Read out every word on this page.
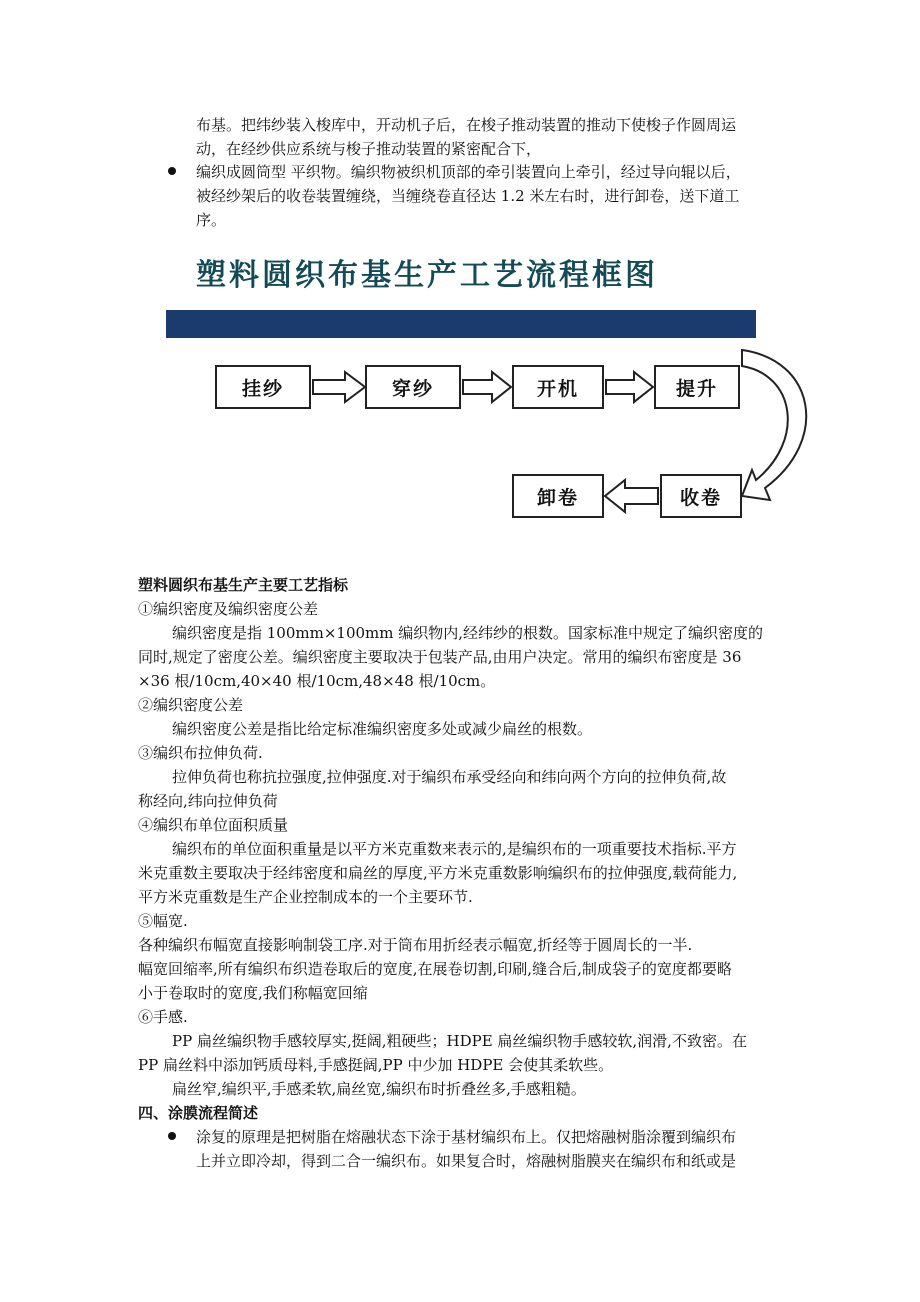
布基。把纬纱装入梭库中，开动机子后，在梭子推动装置的推动下使梭子作圆周运
动，在经纱供应系统与梭子推动装置的紧密配合下，
编织成圆筒型 平织物。编织物被织机顶部的牵引装置向上牵引，经过导向辊以后，
被经纱架后的收卷装置缠绕，当缠绕卷直径达 1.2 米左右时，进行卸卷，送下道工
序。
塑料圆织布基生产工艺流程框图
挂纱	穿纱	开机	提升
卸卷	收卷
塑料圆织布基生产主要工艺指标
①编织密度及编织密度公差
编织密度是指 100mm×100mm 编织物内,经纬纱的根数。国家标准中规定了编织密度的
同时,规定了密度公差。编织密度主要取决于包装产品,由用户决定。常用的编织布密度是 36
×36 根/10cm,40×40 根/10cm,48×48 根/10cm。
②编织密度公差
编织密度公差是指比给定标准编织密度多处或减少扁丝的根数。
③编织布拉伸负荷.
拉伸负荷也称抗拉强度,拉伸强度.对于编织布承受经向和纬向两个方向的拉伸负荷,故
称经向,纬向拉伸负荷
④编织布单位面积质量
编织布的单位面积重量是以平方米克重数来表示的,是编织布的一项重要技术指标.平方
米克重数主要取决于经纬密度和扁丝的厚度,平方米克重数影响编织布的拉伸强度,载荷能力,
平方米克重数是生产企业控制成本的一个主要环节.
⑤幅宽.
各种编织布幅宽直接影响制袋工序.对于筒布用折经表示幅宽,折经等于圆周长的一半.
幅宽回缩率,所有编织布织造卷取后的宽度,在展卷切割,印刷,缝合后,制成袋子的宽度都要略
小于卷取时的宽度,我们称幅宽回缩
⑥手感.
PP 扁丝编织物手感较厚实,挺阔,粗硬些；HDPE 扁丝编织物手感较软,润滑,不致密。在
PP 扁丝料中添加钙质母料,手感挺阔,PP 中少加 HDPE 会使其柔软些。
扁丝窄,编织平,手感柔软,扁丝宽,编织布时折叠丝多,手感粗糙。
四、涂膜流程简述
涂复的原理是把树脂在熔融状态下涂于基材编织布上。仅把熔融树脂涂覆到编织布
上并立即冷却，得到二合一编织布。如果复合时，熔融树脂膜夹在编织布和纸或是
